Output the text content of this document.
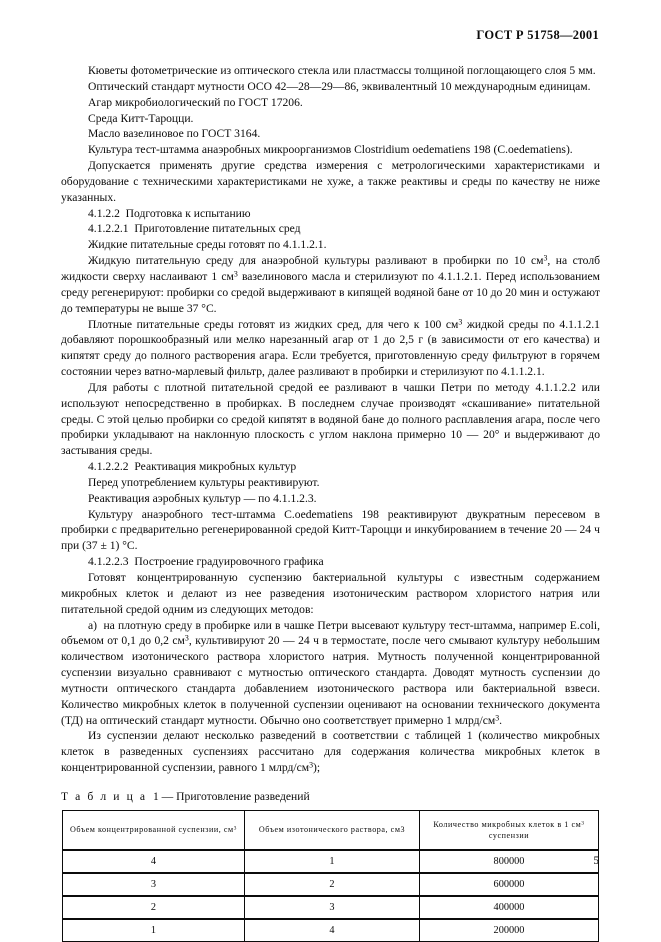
ГОСТ Р 51758—2001

Кюветы фотометрические из оптического стекла или пластмассы толщиной поглощающего слоя 5 мм.

Оптический стандарт мутности ОСО 42—28—29—86, эквивалентный 10 международным единицам.

Агар микробиологический по ГОСТ 17206.

Среда Китт-Тароцци.

Масло вазелиновое по ГОСТ 3164.

Культура тест-штамма анаэробных микроорганизмов Clostridium oedematiens 198 (C.oedematiens).

Допускается применять другие средства измерения с метрологическими характеристиками и оборудование с техническими характеристиками не хуже, а также реактивы и среды по качеству не ниже указанных.

4.1.2.2  Подготовка к испытанию

4.1.2.2.1  Приготовление питательных сред

Жидкие питательные среды готовят по 4.1.1.2.1.

Жидкую питательную среду для анаэробной культуры разливают в пробирки по 10 $см^3$, на столб жидкости сверху наслаивают 1 $см^3$ вазелинового масла и стерилизуют по 4.1.1.2.1. Перед использованием среду регенерируют: пробирки со средой выдерживают в кипящей водяной бане от 10 до 20 мин и остужают до температуры не выше 37 °C.

Плотные питательные среды готовят из жидких сред, для чего к 100 $см^3$ жидкой среды по 4.1.1.2.1 добавляют порошкообразный или мелко нарезанный агар от 1 до 2,5 г (в зависимости от его качества) и кипятят среду до полного растворения агара. Если требуется, приготовленную среду фильтруют в горячем состоянии через ватно-марлевый фильтр, далее разливают в пробирки и стерилизуют по 4.1.1.2.1.

Для работы с плотной питательной средой ее разливают в чашки Петри по методу 4.1.1.2.2 или используют непосредственно в пробирках. В последнем случае производят «скашивание» питательной среды. С этой целью пробирки со средой кипятят в водяной бане до полного расплавления агара, после чего пробирки укладывают на наклонную плоскость с углом наклона примерно 10 — 20° и выдерживают до застывания среды.

4.1.2.2.2  Реактивация микробных культур

Перед употреблением культуры реактивируют.

Реактивация аэробных культур — по 4.1.1.2.3.

Культуру анаэробного тест-штамма C.oedematiens 198 реактивируют двукратным пересевом в пробирки с предварительно регенерированной средой Китт-Тароцци и инкубированием в течение 20 — 24 ч при (37 ± 1) °C.

4.1.2.2.3  Построение градуировочного графика

Готовят концентрированную суспензию бактериальной культуры с известным содержанием микробных клеток и делают из нее разведения изотоническим раствором хлористого натрия или питательной средой одним из следующих методов:

а)  на плотную среду в пробирке или в чашке Петри высевают культуру тест-штамма, например E.coli, объемом от 0,1 до 0,2 $см^3$, культивируют 20 — 24 ч в термостате, после чего смывают культуру небольшим количеством изотонического раствора хлористого натрия. Мутность полученной концентрированной суспензии визуально сравнивают с мутностью оптического стандарта. Доводят мутность суспензии до мутности оптического стандарта добавлением изотонического раствора или бактериальной взвеси. Количество микробных клеток в полученной суспензии оценивают на основании технического документа (ТД) на оптический стандарт мутности. Обычно оно соответствует примерно 1 млрд/$см^3$.

Из суспензии делают несколько разведений в соответствии с таблицей 1 (количество микробных клеток в разведенных суспензиях рассчитано для содержания количества микробных клеток в концентрированной суспензии, равного 1 млрд/$см^3$);

Т а б л и ц а 1 — Приготовление разведений

Объем концентрированной суспензии, $см^3$	Объем изотонического раствора, см3	Количество микробных клеток в 1 $см^3$ суспензии
4	1	800000
3	2	600000
2	3	400000
1	4	200000
5
